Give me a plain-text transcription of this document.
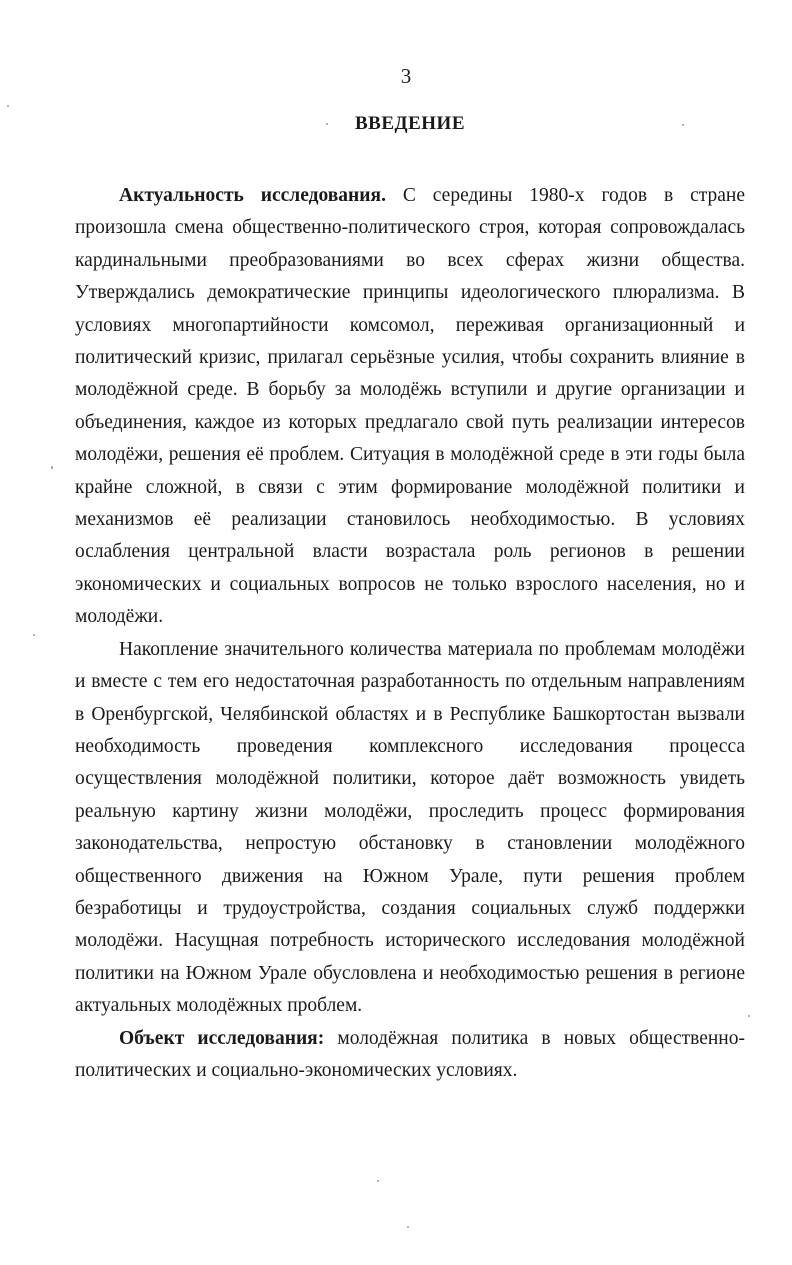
3
ВВЕДЕНИЕ

Актуальность исследования. С середины 1980-х годов в стране произошла смена общественно-политического строя, которая сопровождалась кардинальными преобразованиями во всех сферах жизни общества. Утверждались демократические принципы идеологического плюрализма. В условиях многопартийности комсомол, переживая организационный и политический кризис, прилагал серьёзные усилия, чтобы сохранить влияние в молодёжной среде. В борьбу за молодёжь вступили и другие организации и объединения, каждое из которых предлагало свой путь реализации интересов молодёжи, решения её проблем. Ситуация в молодёжной среде в эти годы была крайне сложной, в связи с этим формирование молодёжной политики и механизмов её реализации становилось необходимостью. В условиях ослабления центральной власти возрастала роль регионов в решении экономических и социальных вопросов не только взрослого населения, но и молодёжи.

Накопление значительного количества материала по проблемам молодёжи и вместе с тем его недостаточная разработанность по отдельным направлениям в Оренбургской, Челябинской областях и в Республике Башкортостан вызвали необходимость проведения комплексного исследования процесса осуществления молодёжной политики, которое даёт возможность увидеть реальную картину жизни молодёжи, проследить процесс формирования законодательства, непростую обстановку в становлении молодёжного общественного движения на Южном Урале, пути решения проблем безработицы и трудоустройства, создания социальных служб поддержки молодёжи. Насущная потребность исторического исследования молодёжной политики на Южном Урале обусловлена и необходимостью решения в регионе актуальных молодёжных проблем.

Объект исследования: молодёжная политика в новых общественно-политических и социально-экономических условиях.
